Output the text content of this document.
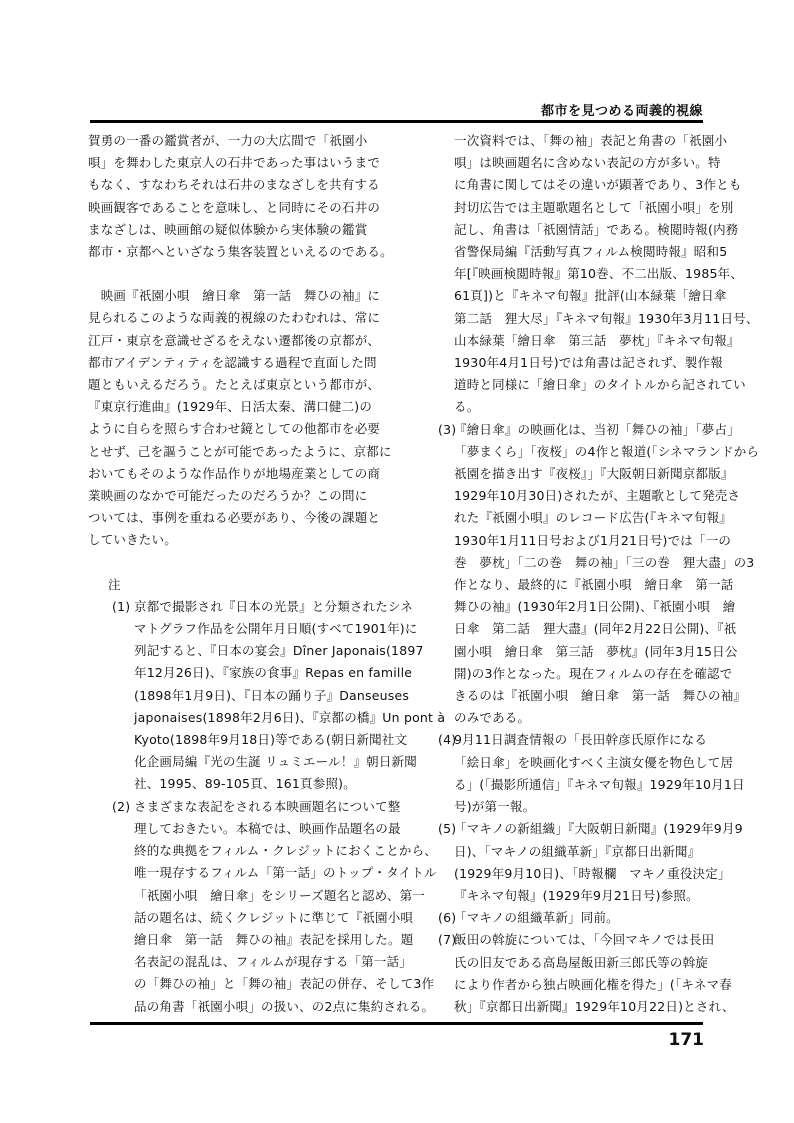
都市を見つめる両義的視線

賀勇の一番の鑑賞者が、一力の大広間で「祇園小

唄」を舞わした東京人の石井であった事はいうまで

もなく、すなわちそれは石井のまなざしを共有する

映画観客であることを意味し、と同時にその石井の

まなざしは、映画館の疑似体験から実体験の鑑賞

都市・京都へといざなう集客装置といえるのである。

　映画『祇園小唄　繪日傘　第一話　舞ひの袖』に

見られるこのような両義的視線のたわむれは、常に

江戸・東京を意識せざるをえない遷都後の京都が、

都市アイデンティティを認識する過程で直面した問

題ともいえるだろう。たとえば東京という都市が、

『東京行進曲』(1929年、日活太秦、溝口健二)の

ように自らを照らす合わせ鏡としての他都市を必要

とせず、己を謳うことが可能であったように、京都に

おいてもそのような作品作りが地場産業としての商

業映画のなかで可能だったのだろうか？この問に

ついては、事例を重ねる必要があり、今後の課題と

していきたい。

注

(1) 京都で撮影され『日本の光景』と分類されたシネ

マトグラフ作品を公開年月日順(すべて1901年)に

列記すると、『日本の宴会』Dîner Japonais(1897

年12月26日)、『家族の食事』Repas en famille

(1898年1月9日)、『日本の踊り子』Danseuses

japonaises(1898年2月6日)、『京都の橋』Un pont à

Kyoto(1898年9月18日)等である(朝日新聞社文

化企画局編『光の生誕 リュミエール！』朝日新聞

社、1995、89-105頁、161頁参照)。

(2) さまざまな表記をされる本映画題名について整

理しておきたい。本稿では、映画作品題名の最

終的な典拠をフィルム・クレジットにおくことから、

唯一現存するフィルム「第一話」のトップ・タイトル

「祇園小唄　繪日傘」をシリーズ題名と認め、第一

話の題名は、続くクレジットに準じて『祇園小唄

繪日傘　第一話　舞ひの袖』表記を採用した。題

名表記の混乱は、フィルムが現存する「第一話」

の「舞ひの袖」と「舞の袖」表記の併存、そして3作

品の角書「祇園小唄」の扱い、の2点に集約される。

一次資料では、「舞の袖」表記と角書の「祇園小

唄」は映画題名に含めない表記の方が多い。特

に角書に関してはその違いが顕著であり、3作とも

封切広告では主題歌題名として「祇園小唄」を別

記し、角書は「祇園情話」である。検閲時報(内務

省警保局編『活動写真フィルム検閲時報』昭和5

年[『映画検閲時報』第10巻、不二出版、1985年、

61頁])と『キネマ旬報』批評(山本緑葉「繪日傘

第二話　狸大尽」『キネマ旬報』1930年3月11日号、

山本緑葉「繪日傘　第三話　夢枕」『キネマ旬報』

1930年4月1日号)では角書は記されず、製作報

道時と同様に「繪日傘」のタイトルから記されてい

る。

(3)『繪日傘』の映画化は、当初「舞ひの袖」「夢占」

「夢まくら」「夜桜」の4作と報道(「シネマランドから

祇園を描き出す『夜桜』」『大阪朝日新聞京都版』

1929年10月30日)されたが、主題歌として発売さ

れた『祇園小唄』のレコード広告(『キネマ旬報』

1930年1月11日号および1月21日号)では「一の

巻　夢枕」「二の巻　舞の袖」「三の巻　狸大盡」の3

作となり、最終的に『祇園小唄　繪日傘　第一話

舞ひの袖』(1930年2月1日公開)、『祇園小唄　繪

日傘　第二話　狸大盡』(同年2月22日公開)、『祇

園小唄　繪日傘　第三話　夢枕』(同年3月15日公

開)の3作となった。現在フィルムの存在を確認で

きるのは『祇園小唄　繪日傘　第一話　舞ひの袖』

のみである。

(4)9月11日調査情報の「長田幹彦氏原作になる

「絵日傘」を映画化すべく主演女優を物色して居

る」(「撮影所通信」『キネマ旬報』1929年10月1日

号)が第一報。

(5)「マキノの新組織」『大阪朝日新聞』(1929年9月9

日)、「マキノの組織革新」『京都日出新聞』

(1929年9月10日)、「時報欄　マキノ重役決定」

『キネマ旬報』(1929年9月21日号)参照。

(6)「マキノの組織革新」同前。

(7)飯田の斡旋については、「今回マキノでは長田

氏の旧友である高島屋飯田新三郎氏等の斡旋

により作者から独占映画化権を得た」(「キネマ春

秋」『京都日出新聞』1929年10月22日)とされ、

171
